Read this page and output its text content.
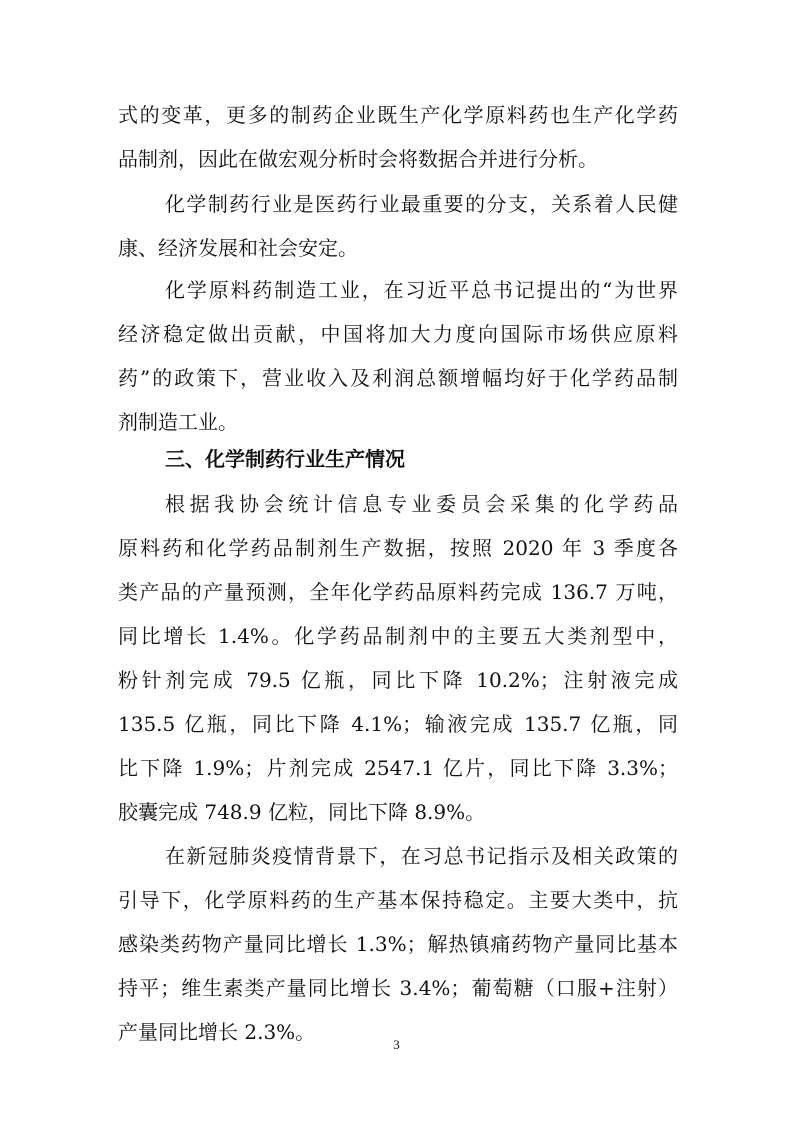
式的变革，更多的制药企业既生产化学原料药也生产化学药
品制剂，因此在做宏观分析时会将数据合并进行分析。
化学制药行业是医药行业最重要的分支，关系着人民健
康、经济发展和社会安定。
化学原料药制造工业，在习近平总书记提出的“为世界
经济稳定做出贡献，中国将加大力度向国际市场供应原料
药”的政策下，营业收入及利润总额增幅均好于化学药品制
剂制造工业。
三、化学制药行业生产情况
根据我协会统计信息专业委员会采集的化学药品
原料药和化学药品制剂生产数据，按照 2020 年 3 季度各
类产品的产量预测，全年化学药品原料药完成 136.7 万吨，
同比增长 1.4%。化学药品制剂中的主要五大类剂型中，
粉针剂完成 79.5 亿瓶，同比下降 10.2%；注射液完成
135.5 亿瓶，同比下降 4.1%；输液完成 135.7 亿瓶，同
比下降 1.9%；片剂完成 2547.1 亿片，同比下降 3.3%；
胶囊完成 748.9 亿粒，同比下降 8.9%。
在新冠肺炎疫情背景下，在习总书记指示及相关政策的
引导下，化学原料药的生产基本保持稳定。主要大类中，抗
感染类药物产量同比增长 1.3%；解热镇痛药物产量同比基本
持平；维生素类产量同比增长 3.4%；葡萄糖（口服+注射）
产量同比增长 2.3%。
3
